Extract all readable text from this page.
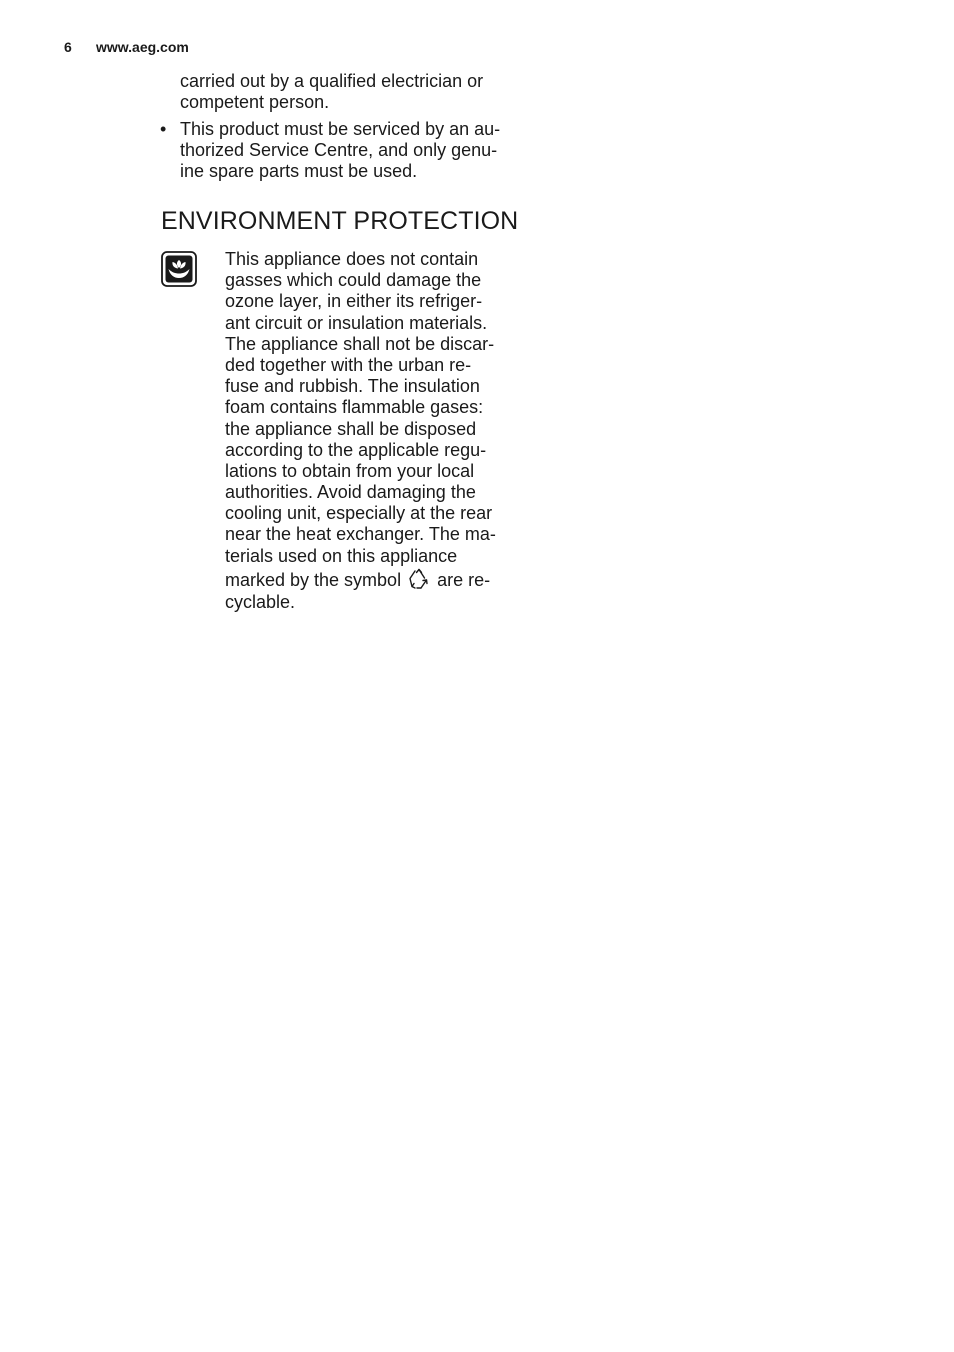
6 www.aeg.com
carried out by a qualified electrician or
competent person.
• This product must be serviced by an au-
thorized Service Centre, and only genu-
ine spare parts must be used.
ENVIRONMENT PROTECTION
This appliance does not contain
gasses which could damage the
ozone layer, in either its refriger-
ant circuit or insulation materials.
The appliance shall not be discar-
ded together with the urban re-
fuse and rubbish. The insulation
foam contains flammable gases:
the appliance shall be disposed
according to the applicable regu-
lations to obtain from your local
authorities. Avoid damaging the
cooling unit, especially at the rear
near the heat exchanger. The ma-
terials used on this appliance
marked by the symbol are re-
cyclable.
